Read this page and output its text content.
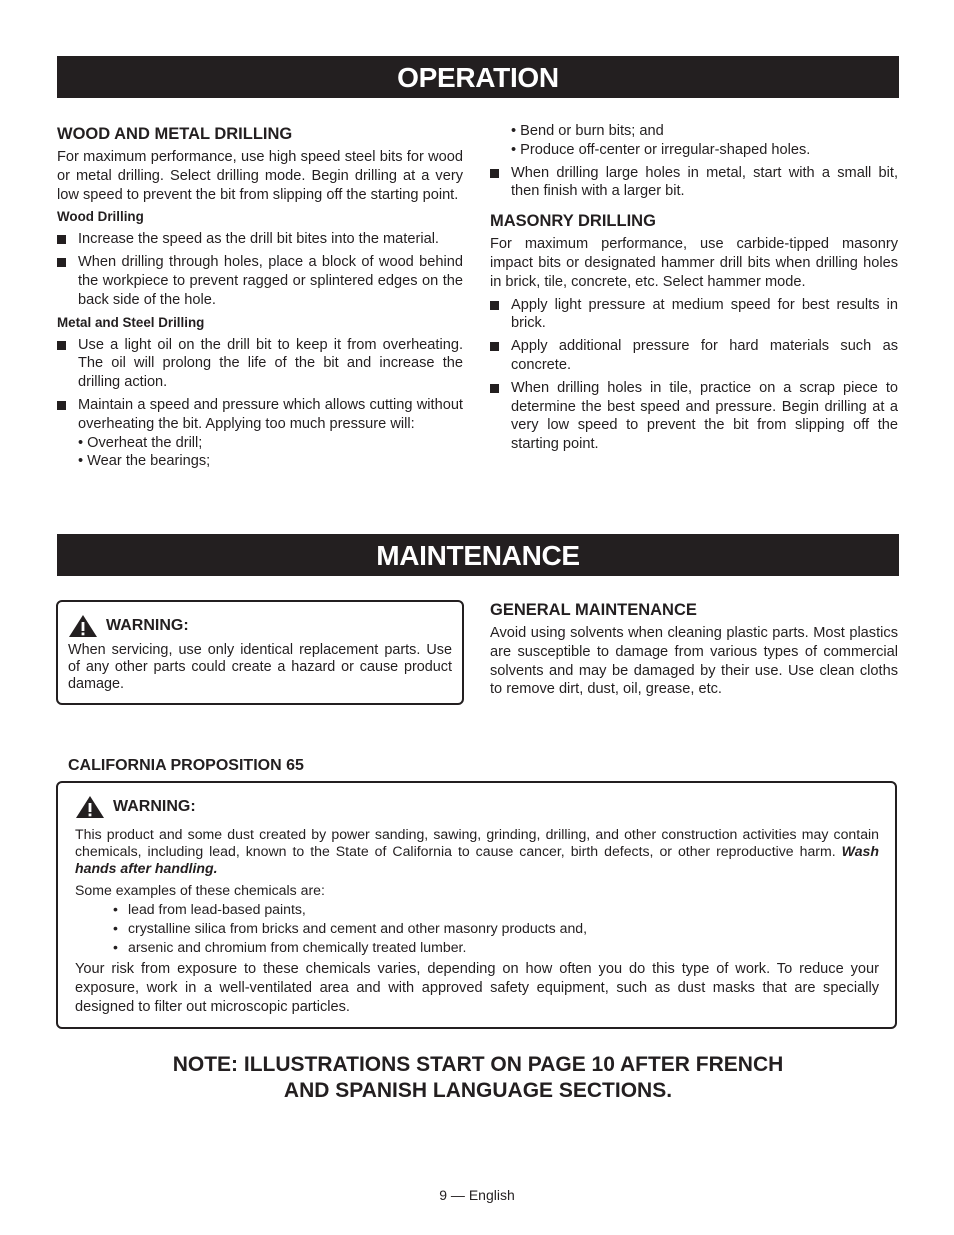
OPERATION
WOOD AND METAL DRILLING

For maximum performance, use high speed steel bits for wood or metal drilling. Select drilling mode. Begin drilling at a very low speed to prevent the bit from slipping off the starting point.

Wood Drilling
Increase the speed as the drill bit bites into the material.
When drilling through holes, place a block of wood behind the workpiece to prevent ragged or splintered edges on the back side of the hole.
Metal and Steel Drilling
Use a light oil on the drill bit to keep it from overheating. The oil will prolong the life of the bit and increase the drilling action.
Maintain a speed and pressure which allows cutting without overheating the bit. Applying too much pressure will:
• Overheat the drill;
• Wear the bearings;
• Bend or burn bits; and
• Produce off-center or irregular-shaped holes.
When drilling large holes in metal, start with a small bit, then finish with a larger bit.
MASONRY DRILLING

For maximum performance, use carbide-tipped masonry impact bits or designated hammer drill bits when drilling holes in brick, tile, concrete, etc. Select hammer mode.

Apply light pressure at medium speed for best results in brick.
Apply additional pressure for hard materials such as concrete.
When drilling holes in tile, practice on a scrap piece to determine the best speed and pressure. Begin drilling at a very low speed to prevent the bit from slipping off the starting point.
MAINTENANCE
WARNING:

When servicing, use only identical replacement parts. Use of any other parts could create a hazard or cause product damage.

GENERAL MAINTENANCE

Avoid using solvents when cleaning plastic parts. Most plastics are susceptible to damage from various types of commercial solvents and may be damaged by their use. Use clean cloths to remove dirt, dust, oil, grease, etc.

CALIFORNIA PROPOSITION 65
WARNING:

This product and some dust created by power sanding, sawing, grinding, drilling, and other construction activities may contain chemicals, including lead, known to the State of California to cause cancer, birth defects, or other reproductive harm. Wash hands after handling.

Some examples of these chemicals are:
• lead from lead-based paints,
• crystalline silica from bricks and cement and other masonry products and,
• arsenic and chromium from chemically treated lumber.

Your risk from exposure to these chemicals varies, depending on how often you do this type of work. To reduce your exposure, work in a well-ventilated area and with approved safety equipment, such as dust masks that are specially designed to filter out microscopic particles.

NOTE: ILLUSTRATIONS START ON PAGE 10 AFTER FRENCH
AND SPANISH LANGUAGE SECTIONS.
9 — English
